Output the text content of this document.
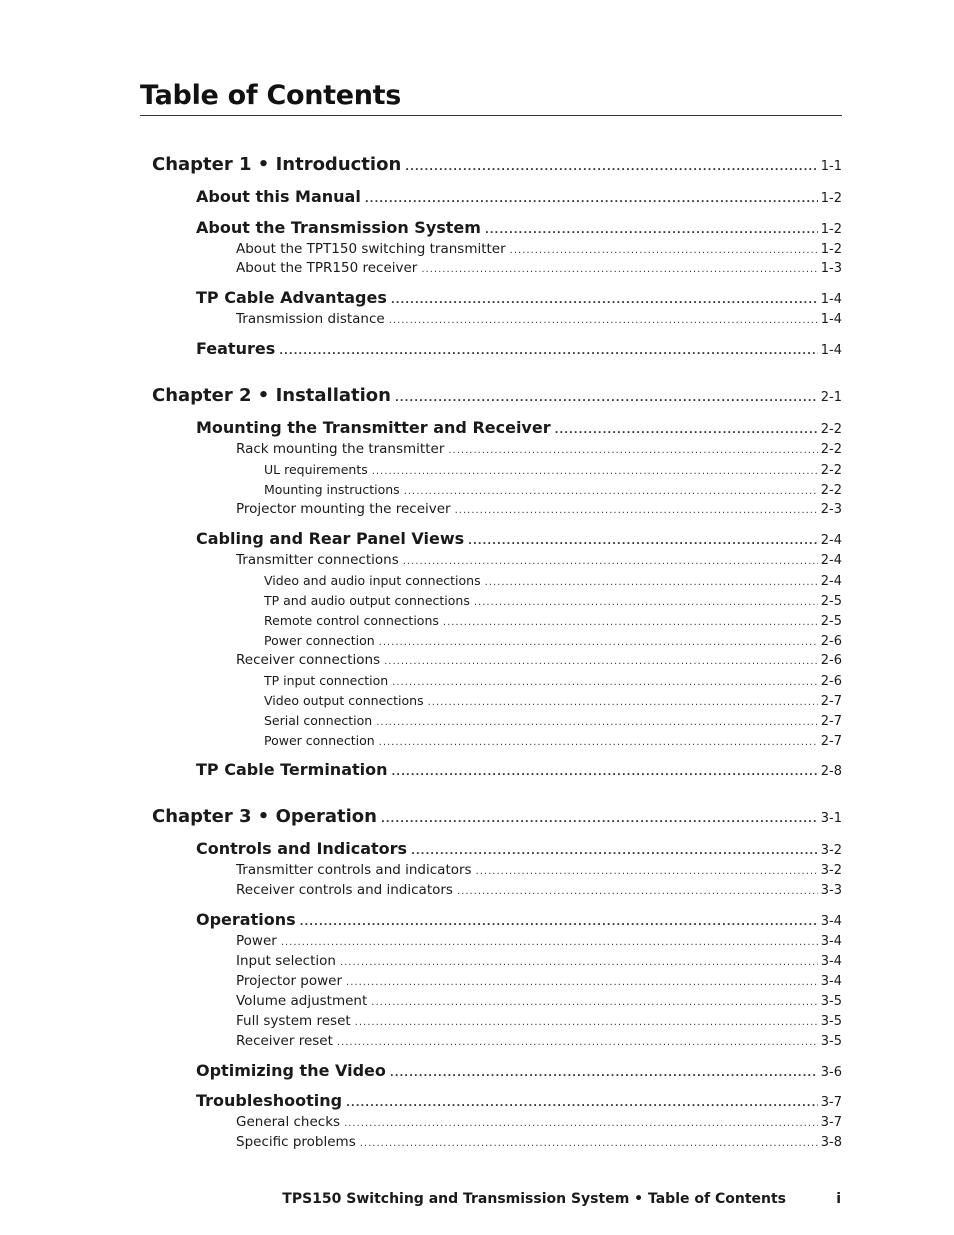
Table of Contents
Chapter 1 • Introduction .....	1-1
About this Manual .....	1-2
About the Transmission System .....	1-2
About the TPT150 switching transmitter .....	1-2
About the TPR150 receiver .....	1-3
TP Cable Advantages .....	1-4
Transmission distance .....	1-4
Features .....	1-4
Chapter 2 • Installation .....	2-1
Mounting the Transmitter and Receiver .....	2-2
Rack mounting the transmitter .....	2-2
UL requirements .....	2-2
Mounting instructions .....	2-2
Projector mounting the receiver .....	2-3
Cabling and Rear Panel Views .....	2-4
Transmitter connections .....	2-4
Video and audio input connections .....	2-4
TP and audio output connections .....	2-5
Remote control connections .....	2-5
Power connection .....	2-6
Receiver connections .....	2-6
TP input connection .....	2-6
Video output connections .....	2-7
Serial connection .....	2-7
Power connection .....	2-7
TP Cable Termination .....	2-8
Chapter 3 • Operation .....	3-1
Controls and Indicators .....	3-2
Transmitter controls and indicators .....	3-2
Receiver controls and indicators .....	3-3
Operations .....	3-4
Power .....	3-4
Input selection .....	3-4
Projector power .....	3-4
Volume adjustment .....	3-5
Full system reset .....	3-5
Receiver reset .....	3-5
Optimizing the Video .....	3-6
Troubleshooting .....	3-7
General checks .....	3-7
Specific problems .....	3-8
TPS150 Switching and Transmission System • Table of Contents	i
